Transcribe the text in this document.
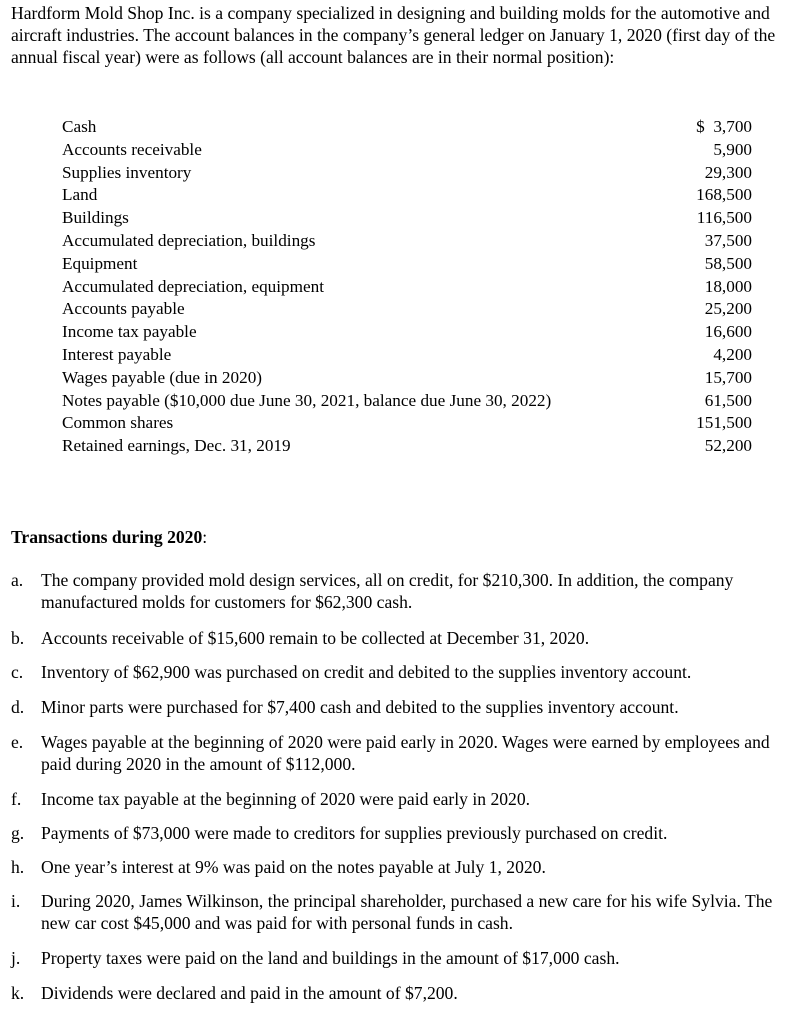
Hardform Mold Shop Inc. is a company specialized in designing and building molds for the automotive and aircraft industries. The account balances in the company’s general ledger on January 1, 2020 (first day of the annual fiscal year) were as follows (all account balances are in their normal position):

Cash	$  3,700
Accounts receivable	5,900
Supplies inventory	29,300
Land	168,500
Buildings	116,500
Accumulated depreciation, buildings	37,500
Equipment	58,500
Accumulated depreciation, equipment	18,000
Accounts payable	25,200
Income tax payable	16,600
Interest payable	4,200
Wages payable (due in 2020)	15,700
Notes payable ($10,000 due June 30, 2021, balance due June 30, 2022)	61,500
Common shares	151,500
Retained earnings, Dec. 31, 2019	52,200
Transactions during 2020:
a.	The company provided mold design services, all on credit, for $210,300. In addition, the company manufactured molds for customers for $62,300 cash.
b. Accounts receivable of $15,600 remain to be collected at December 31, 2020.
c.	Inventory of $62,900 was purchased on credit and debited to the supplies inventory account.
d. Minor parts were purchased for $7,400 cash and debited to the supplies inventory account.
e.	Wages payable at the beginning of 2020 were paid early in 2020. Wages were earned by employees and paid during 2020 in the amount of $112,000.
f.	Income tax payable at the beginning of 2020 were paid early in 2020.
g. Payments of $73,000 were made to creditors for supplies previously purchased on credit.
h. One year’s interest at 9% was paid on the notes payable at July 1, 2020.
i.	During 2020, James Wilkinson, the principal shareholder, purchased a new care for his wife Sylvia. The new car cost $45,000 and was paid for with personal funds in cash.
j.	Property taxes were paid on the land and buildings in the amount of $17,000 cash.
k. Dividends were declared and paid in the amount of $7,200.
